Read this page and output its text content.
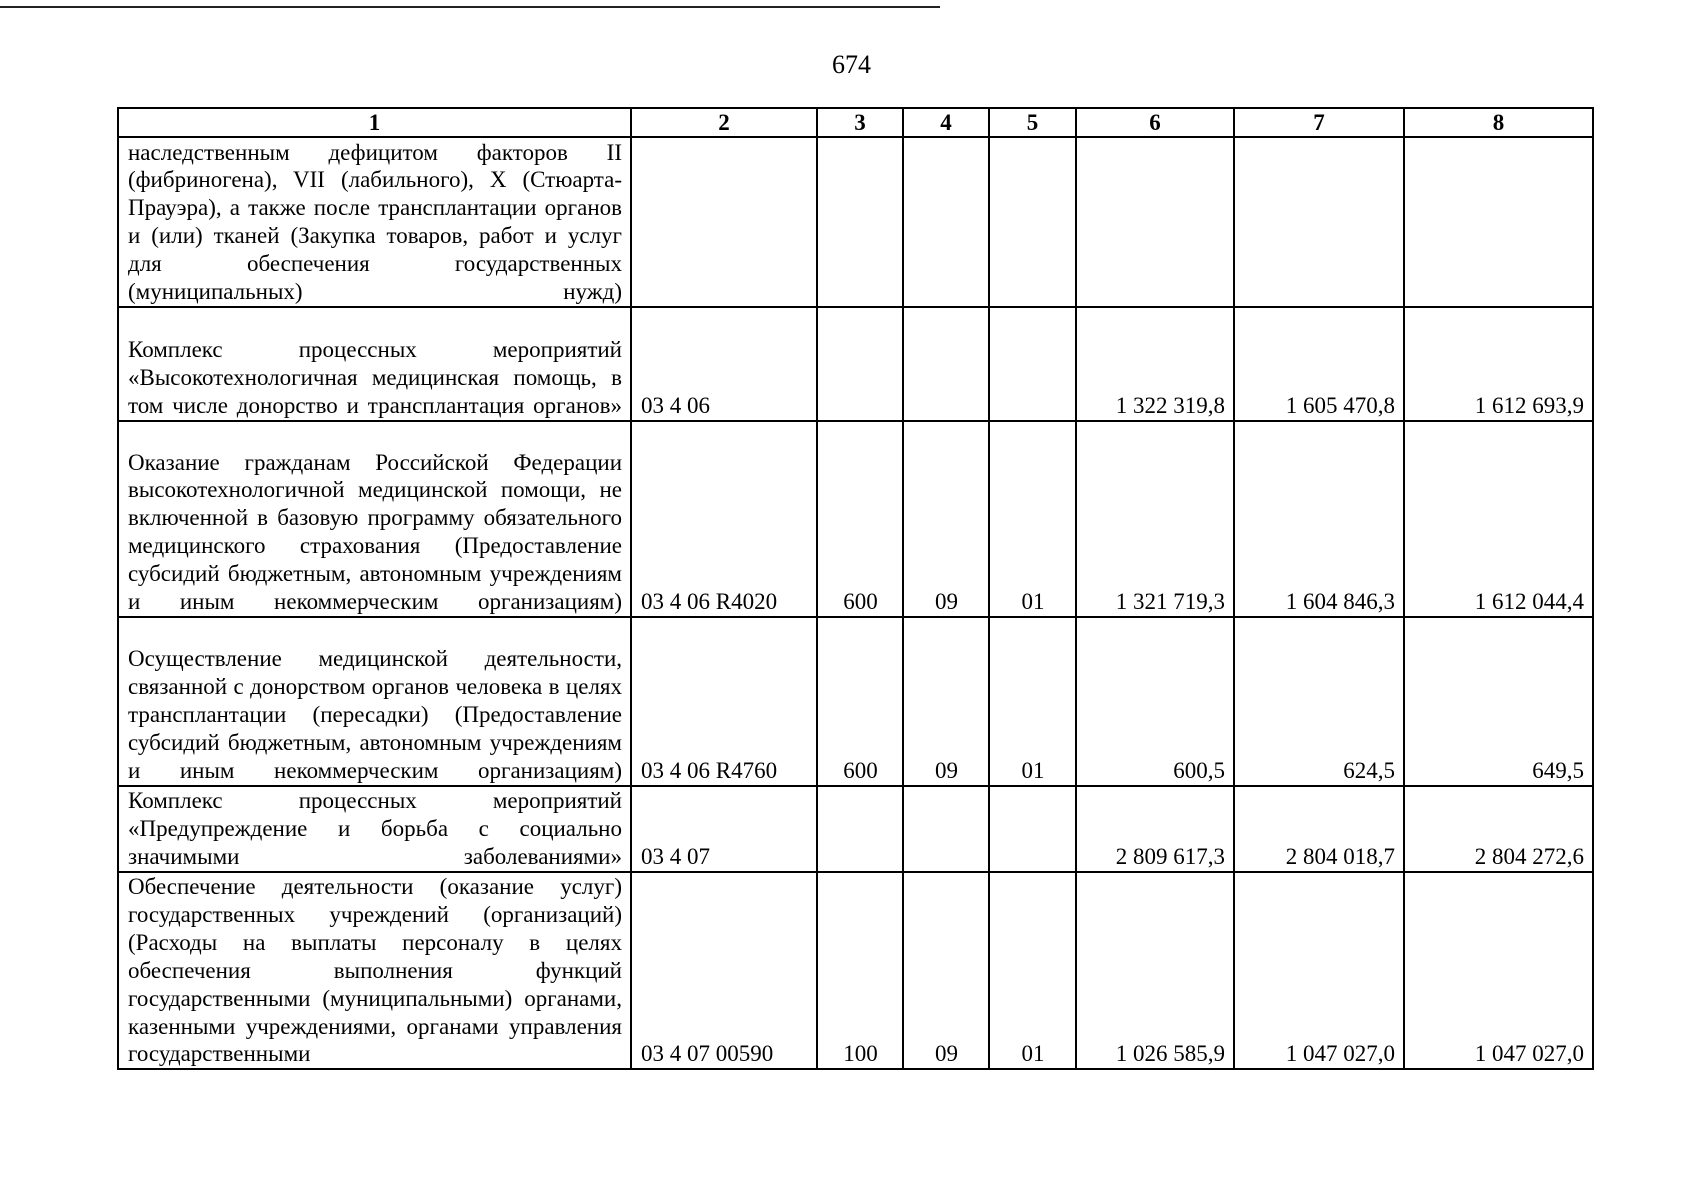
674
1	2	3	4	5	6	7	8
наследственным дефицитом факторов II (фибриногена), VII (лабильного), X (Стюарта-Прауэра), а также после трансплантации органов и (или) тканей (Закупка товаров, работ и услуг для обеспечения государственных (муниципальных) нужд)							
Комплекс процессных мероприятий «Высокотехнологичная медицинская помощь, в том числе донорство и трансплантация органов»	03 4 06				1 322 319,8	1 605 470,8	1 612 693,9
Оказание гражданам Российской Федерации высокотехнологичной медицинской помощи, не включенной в базовую программу обязательного медицинского страхования (Предоставление субсидий бюджетным, автономным учреждениям и иным некоммерческим организациям)	03 4 06 R4020	600	09	01	1 321 719,3	1 604 846,3	1 612 044,4
Осуществление медицинской деятельности, связанной с донорством органов человека в целях трансплантации (пересадки) (Предоставление субсидий бюджетным, автономным учреждениям и иным некоммерческим организациям)	03 4 06 R4760	600	09	01	600,5	624,5	649,5
Комплекс процессных мероприятий «Предупреждение и борьба с социально значимыми заболеваниями»	03 4 07				2 809 617,3	2 804 018,7	2 804 272,6
Обеспечение деятельности (оказание услуг) государственных учреждений (организаций) (Расходы на выплаты персоналу в целях обеспечения выполнения функций государственными (муниципальными) органами, казенными учреждениями, органами управления государственными	03 4 07 00590	100	09	01	1 026 585,9	1 047 027,0	1 047 027,0
